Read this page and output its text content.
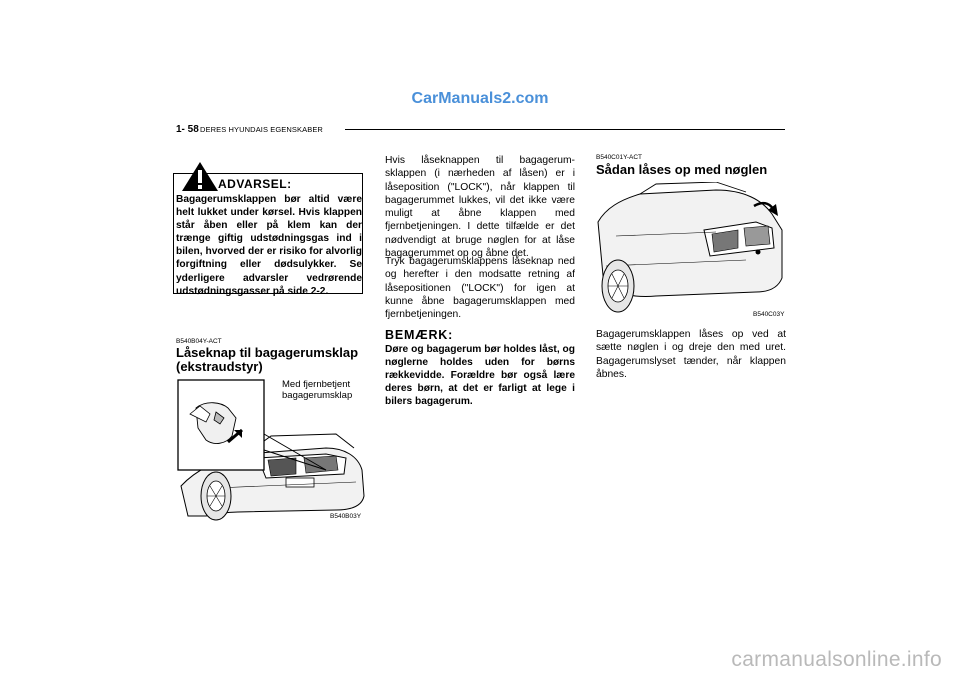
CarManuals2.com
1- 58 DERES HYUNDAIS EGENSKABER
ADVARSEL:
Bagagerumsklappen bør altid være helt lukket under kørsel. Hvis klappen står åben eller på klem kan der trænge giftig udstødningsgas ind i bilen, hvorved der er risiko for alvorlig forgiftning eller dødsulykker. Se yderligere advarsler vedrørende udstødningsgasser på side 2-2.
B540B04Y-ACT
Låseknap til bagagerumsklap
(ekstraudstyr)
Med fjernbetjent
bagagerumsklap
B540B03Y
Hvis låseknappen til bagagerum-sklappen (i nærheden af låsen) er i låseposition ("LOCK"), når klappen til bagagerummet lukkes, vil det ikke være muligt at åbne klappen med fjernbetjeningen. I dette tilfælde er det nødvendigt at bruge nøglen for at låse bagagerummet op og åbne det.
Tryk bagagerumsklappens låseknap ned og herefter i den modsatte retning af låsepositionen ("LOCK") for igen at kunne åbne bagagerumsklappen med fjernbetjeningen.
BEMÆRK:
Døre og bagagerum bør holdes låst, og nøglerne holdes uden for børns rækkevidde. Forældre bør også lære deres børn, at det er farligt at lege i bilers bagagerum.
B540C01Y-ACT
Sådan låses op med nøglen
B540C03Y
Bagagerumsklappen låses op ved at sætte nøglen i og dreje den med uret. Bagagerumslyset tænder, når klappen åbnes.
carmanualsonline.info
